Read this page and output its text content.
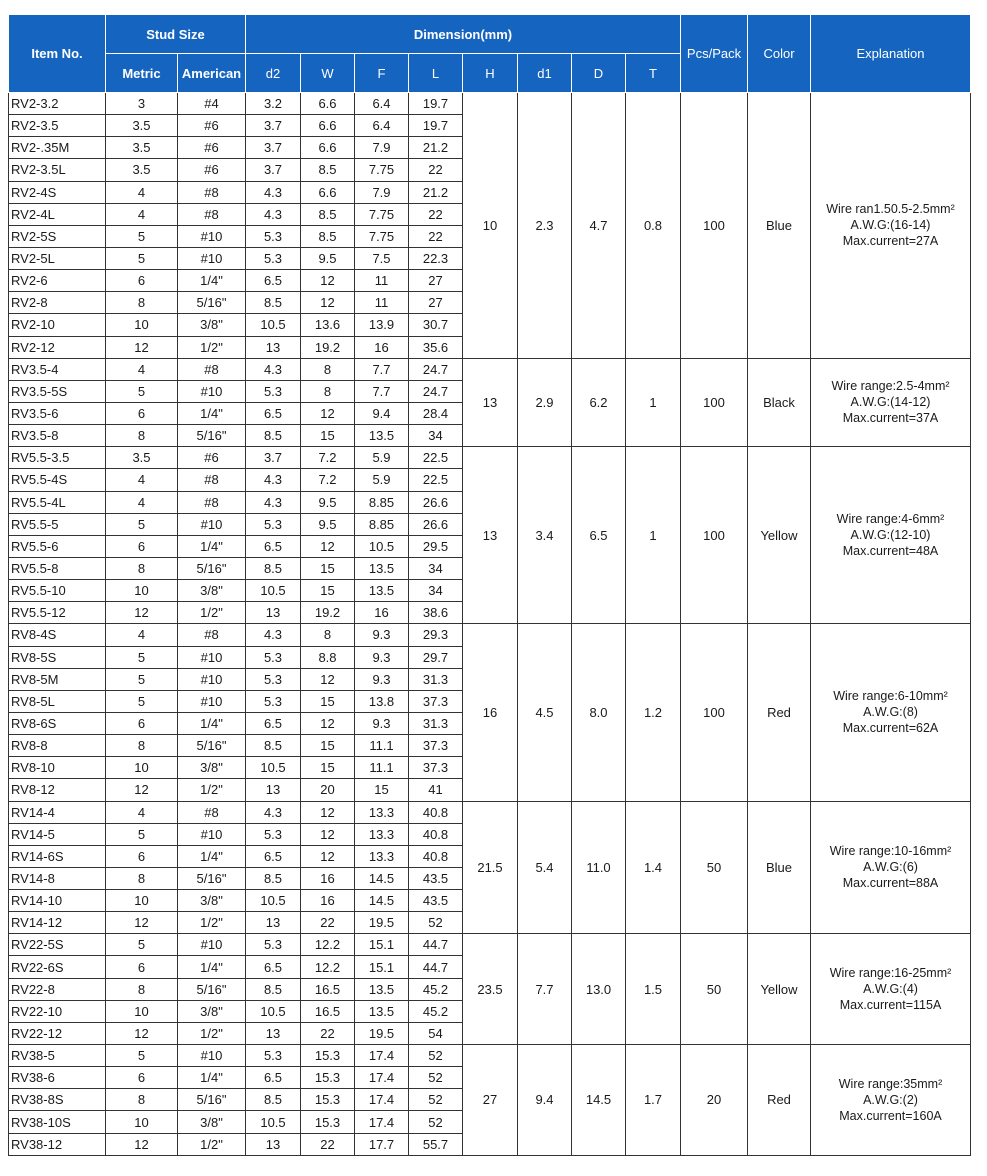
Item No.	Stud Size		Dimension(mm)								Pcs/Pack	Color	Explanation
	Metric	American	d2	W	F	L	H	d1	D	T			
RV2-3.2	3	#4	3.2	6.6	6.4	19.7	10	2.3	4.7	0.8	100	Blue	Wire ran1.50.5-2.5mm²
A.W.G:(16-14)
Max.current=27A

RV2-3.5	3.5	#6	3.7	6.6	6.4	19.7							
RV2-.35M	3.5	#6	3.7	6.6	7.9	21.2							
RV2-3.5L	3.5	#6	3.7	8.5	7.75	22							
RV2-4S	4	#8	4.3	6.6	7.9	21.2							
RV2-4L	4	#8	4.3	8.5	7.75	22							
RV2-5S	5	#10	5.3	8.5	7.75	22							
RV2-5L	5	#10	5.3	9.5	7.5	22.3							
RV2-6	6	1/4"	6.5	12	11	27							
RV2-8	8	5/16"	8.5	12	11	27							
RV2-10	10	3/8"	10.5	13.6	13.9	30.7							
RV2-12	12	1/2"	13	19.2	16	35.6							
RV3.5-4	4	#8	4.3	8	7.7	24.7	13	2.9	6.2	1	100	Black	Wire range:2.5-4mm²
A.W.G:(14-12)
Max.current=37A

RV3.5-5S	5	#10	5.3	8	7.7	24.7							
RV3.5-6	6	1/4"	6.5	12	9.4	28.4							
RV3.5-8	8	5/16"	8.5	15	13.5	34							
RV5.5-3.5	3.5	#6	3.7	7.2	5.9	22.5	13	3.4	6.5	1	100	Yellow	Wire range:4-6mm²
A.W.G:(12-10)
Max.current=48A

RV5.5-4S	4	#8	4.3	7.2	5.9	22.5							
RV5.5-4L	4	#8	4.3	9.5	8.85	26.6							
RV5.5-5	5	#10	5.3	9.5	8.85	26.6							
RV5.5-6	6	1/4"	6.5	12	10.5	29.5							
RV5.5-8	8	5/16"	8.5	15	13.5	34							
RV5.5-10	10	3/8"	10.5	15	13.5	34							
RV5.5-12	12	1/2"	13	19.2	16	38.6							
RV8-4S	4	#8	4.3	8	9.3	29.3	16	4.5	8.0	1.2	100	Red	Wire range:6-10mm²
A.W.G:(8)
Max.current=62A

RV8-5S	5	#10	5.3	8.8	9.3	29.7							
RV8-5M	5	#10	5.3	12	9.3	31.3							
RV8-5L	5	#10	5.3	15	13.8	37.3							
RV8-6S	6	1/4"	6.5	12	9.3	31.3							
RV8-8	8	5/16"	8.5	15	11.1	37.3							
RV8-10	10	3/8"	10.5	15	11.1	37.3							
RV8-12	12	1/2"	13	20	15	41							
RV14-4	4	#8	4.3	12	13.3	40.8	21.5	5.4	11.0	1.4	50	Blue	Wire range:10-16mm²
A.W.G:(6)
Max.current=88A

RV14-5	5	#10	5.3	12	13.3	40.8							
RV14-6S	6	1/4"	6.5	12	13.3	40.8							
RV14-8	8	5/16"	8.5	16	14.5	43.5							
RV14-10	10	3/8"	10.5	16	14.5	43.5							
RV14-12	12	1/2"	13	22	19.5	52							
RV22-5S	5	#10	5.3	12.2	15.1	44.7	23.5	7.7	13.0	1.5	50	Yellow	Wire range:16-25mm²
A.W.G:(4)
Max.current=115A

RV22-6S	6	1/4"	6.5	12.2	15.1	44.7							
RV22-8	8	5/16"	8.5	16.5	13.5	45.2							
RV22-10	10	3/8"	10.5	16.5	13.5	45.2							
RV22-12	12	1/2"	13	22	19.5	54							
RV38-5	5	#10	5.3	15.3	17.4	52	27	9.4	14.5	1.7	20	Red	Wire range:35mm²
A.W.G:(2)
Max.current=160A

RV38-6	6	1/4"	6.5	15.3	17.4	52							
RV38-8S	8	5/16"	8.5	15.3	17.4	52							
RV38-10S	10	3/8"	10.5	15.3	17.4	52							
RV38-12	12	1/2"	13	22	17.7	55.7							
